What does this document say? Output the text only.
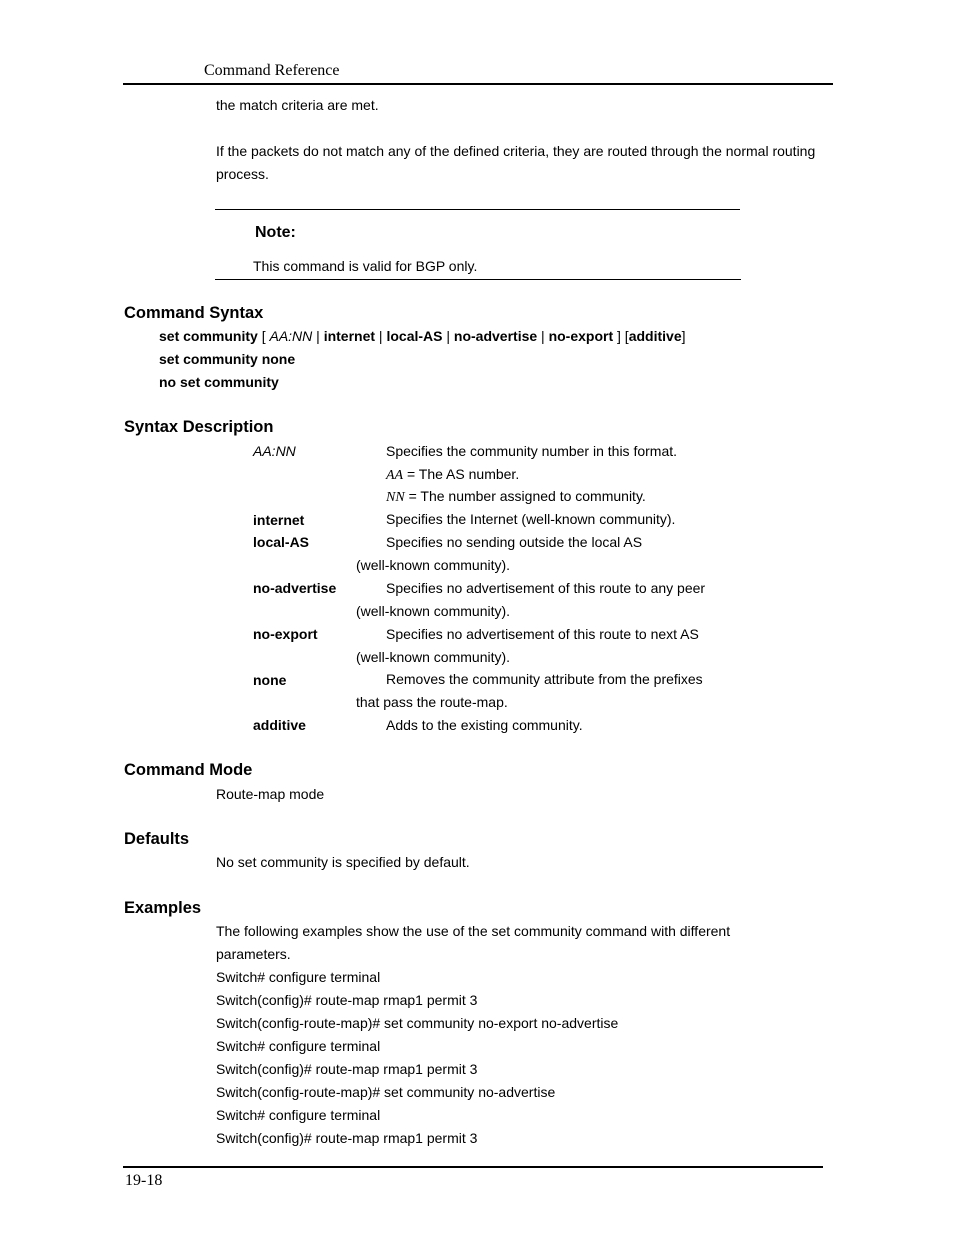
Command Reference
the match criteria are met.
If the packets do not match any of the defined criteria, they are routed through the normal routing process.
Note:
This command is valid for BGP only.
Command Syntax
set community [ AA:NN | internet | local-AS | no-advertise | no-export ] [additive]
set community none
no set community
Syntax Description
AA:NN	Specifies the community number in this format.
AA = The AS number.
NN = The number assigned to community.
internet	Specifies the Internet (well-known community).
local-AS	Specifies no sending outside the local AS
(well-known community).
no-advertise	Specifies no advertisement of this route to any peer
(well-known community).
no-export	Specifies no advertisement of this route to next AS
(well-known community).
none	Removes the community attribute from the prefixes
that pass the route-map.
additive	Adds to the existing community.
Command Mode
Route-map mode
Defaults
No set community is specified by default.
Examples
The following examples show the use of the set community command with different
parameters.
Switch# configure terminal
Switch(config)# route-map rmap1 permit 3
Switch(config-route-map)# set community no-export no-advertise
Switch# configure terminal
Switch(config)# route-map rmap1 permit 3
Switch(config-route-map)# set community no-advertise
Switch# configure terminal
Switch(config)# route-map rmap1 permit 3
19-18
